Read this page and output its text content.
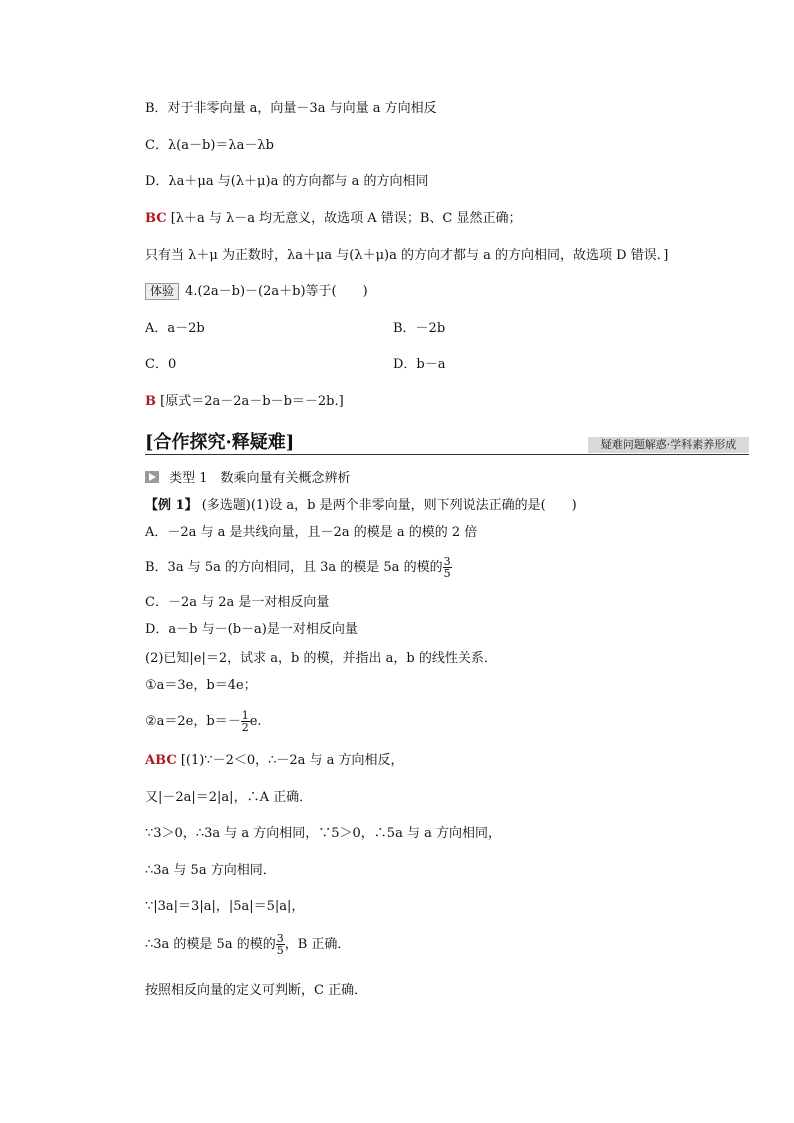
B．对于非零向量 a，向量－3a 与向量 a 方向相反
C．λ(a－b)＝λa－λb
D．λa＋μa 与(λ＋μ)a 的方向都与 a 的方向相同
BC [λ＋a 与 λ－a 均无意义，故选项 A 错误；B、C 显然正确；
只有当 λ＋μ 为正数时，λa＋μa 与(λ＋μ)a 的方向才都与 a 的方向相同，故选项 D 错误．]
体验 4.(2a－b)－(2a＋b)等于(　　)
A．a－2b	B．－2b
C．0	D．b－a
B [原式＝2a－2a－b－b＝－2b.]
[合作探究·释疑难]	疑难问题解惑·学科素养形成
类型 1　数乘向量有关概念辨析
【例 1】 (多选题)(1)设 a，b 是两个非零向量，则下列说法正确的是(　　)
A．－2a 与 a 是共线向量，且－2a 的模是 a 的模的 2 倍
B．3a 与 5a 的方向相同，且 3a 的模是 5a 的模的 $\frac{3}{5}$
C．－2a 与 2a 是一对相反向量
D．a－b 与－(b－a)是一对相反向量
(2)已知|e|＝2，试求 a，b 的模，并指出 a，b 的线性关系．
①a＝3e，b＝4e；
②a＝2e，$b=- \frac{1}{2} e$.
ABC [(1)∵－2＜0，∴－2a 与 a 方向相反，
又|－2a|＝2|a|，∴A 正确．
∵3＞0，∴3a 与 a 方向相同，∵5＞0，∴5a 与 a 方向相同，
∴3a 与 5a 方向相同．
∵|3a|＝3|a|，|5a|＝5|a|，
∴3a 的模是 5a 的模的 $\frac{3}{5}$ ，B 正确．
按照相反向量的定义可判断，C 正确．
